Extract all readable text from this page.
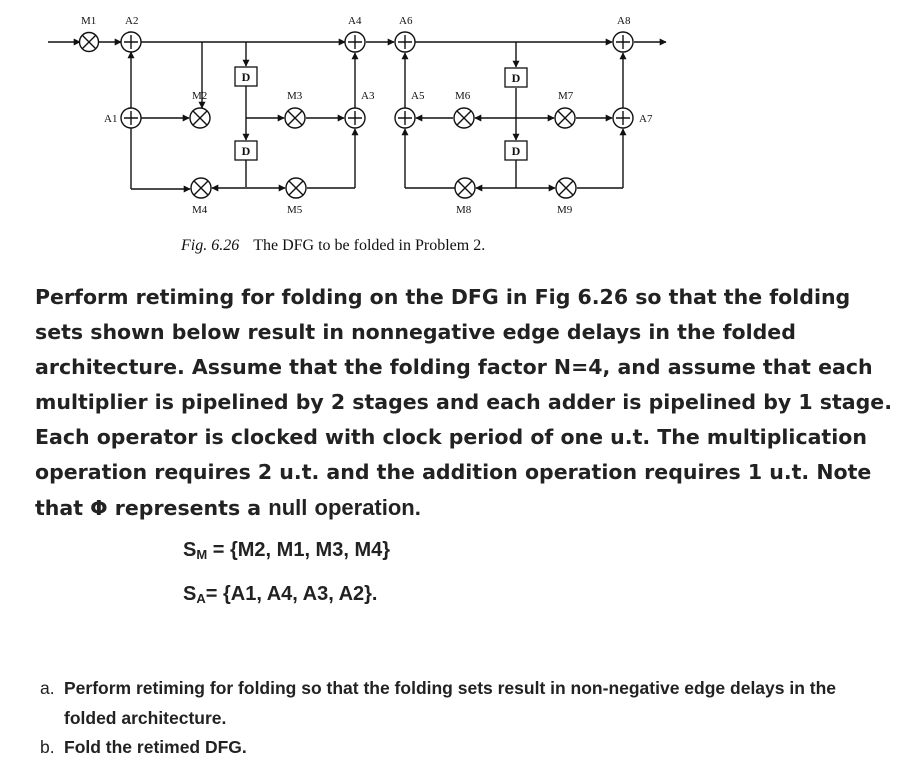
D
D
D
D
M1	A2	A4	A6	A8
A1
M2	M3	A3	A5	M6	M7
A7
M4	M5	M8	M9
Fig. 6.26 The DFG to be folded in Problem 2.
Perform retiming for folding on the DFG in Fig 6.26 so that the folding sets shown below result in nonnegative edge delays in the folded architecture. Assume that the folding factor N=4, and assume that each multiplier is pipelined by 2 stages and each adder is pipelined by 1 stage. Each operator is clocked with clock period of one u.t. The multiplication operation requires 2 u.t. and the addition operation requires 1 u.t. Note that Φ represents a null operation.
$S_M = \{M2$, M1, M3, M4}
$S_A= \{A1$, A4, A3, A2}.
a. Perform retiming for folding so that the folding sets result in non-negative edge delays in the
folded architecture.
b. Fold the retimed DFG.
